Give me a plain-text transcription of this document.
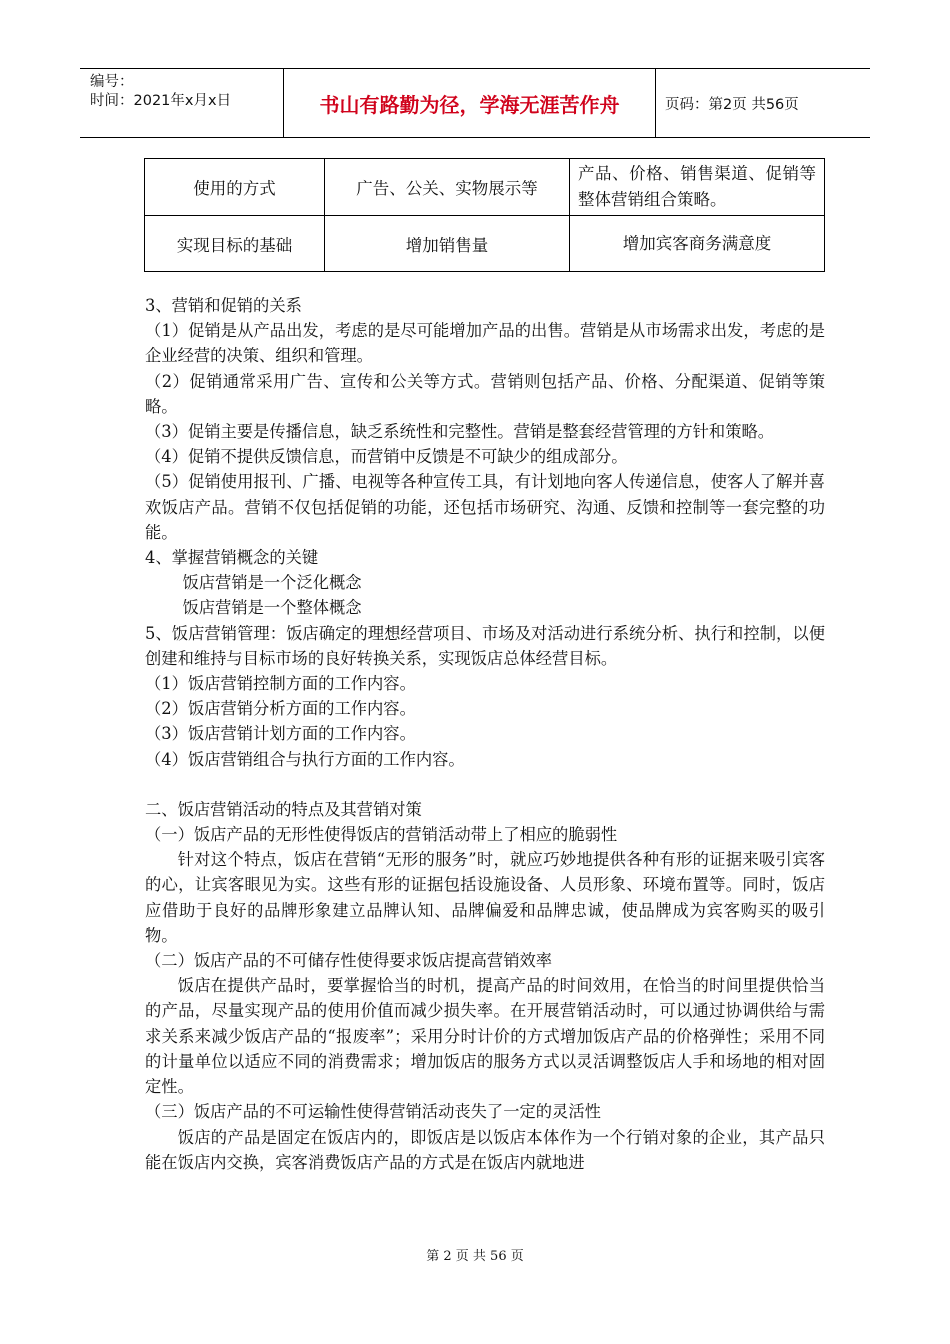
编号：
时间：2021年x月x日	书山有路勤为径，学海无涯苦作舟	页码：第2页 共56页
使用的方式	广告、公关、实物展示等	产品、价格、销售渠道、促销等整体营销组合策略。
实现目标的基础	增加销售量	增加宾客商务满意度

3、营销和促销的关系

（1）促销是从产品出发，考虑的是尽可能增加产品的出售。营销是从市场需求出发，考虑的是企业经营的决策、组织和管理。

（2）促销通常采用广告、宣传和公关等方式。营销则包括产品、价格、分配渠道、促销等策略。

（3）促销主要是传播信息，缺乏系统性和完整性。营销是整套经营管理的方针和策略。

（4）促销不提供反馈信息，而营销中反馈是不可缺少的组成部分。

（5）促销使用报刊、广播、电视等各种宣传工具，有计划地向客人传递信息，使客人了解并喜欢饭店产品。营销不仅包括促销的功能，还包括市场研究、沟通、反馈和控制等一套完整的功能。

4、掌握营销概念的关键

饭店营销是一个泛化概念

饭店营销是一个整体概念

5、饭店营销管理：饭店确定的理想经营项目、市场及对活动进行系统分析、执行和控制，以便创建和维持与目标市场的良好转换关系，实现饭店总体经营目标。

（1）饭店营销控制方面的工作内容。

（2）饭店营销分析方面的工作内容。

（3）饭店营销计划方面的工作内容。

（4）饭店营销组合与执行方面的工作内容。

二、饭店营销活动的特点及其营销对策

（一）饭店产品的无形性使得饭店的营销活动带上了相应的脆弱性

针对这个特点，饭店在营销“无形的服务”时，就应巧妙地提供各种有形的证据来吸引宾客的心，让宾客眼见为实。这些有形的证据包括设施设备、人员形象、环境布置等。同时，饭店应借助于良好的品牌形象建立品牌认知、品牌偏爱和品牌忠诚，使品牌成为宾客购买的吸引物。

（二）饭店产品的不可储存性使得要求饭店提高营销效率

饭店在提供产品时，要掌握恰当的时机，提高产品的时间效用，在恰当的时间里提供恰当的产品，尽量实现产品的使用价值而减少损失率。在开展营销活动时，可以通过协调供给与需求关系来减少饭店产品的“报废率”；采用分时计价的方式增加饭店产品的价格弹性；采用不同的计量单位以适应不同的消费需求；增加饭店的服务方式以灵活调整饭店人手和场地的相对固定性。

（三）饭店产品的不可运输性使得营销活动丧失了一定的灵活性

饭店的产品是固定在饭店内的，即饭店是以饭店本体作为一个行销对象的企业，其产品只能在饭店内交换，宾客消费饭店产品的方式是在饭店内就地进

第 2 页 共 56 页
